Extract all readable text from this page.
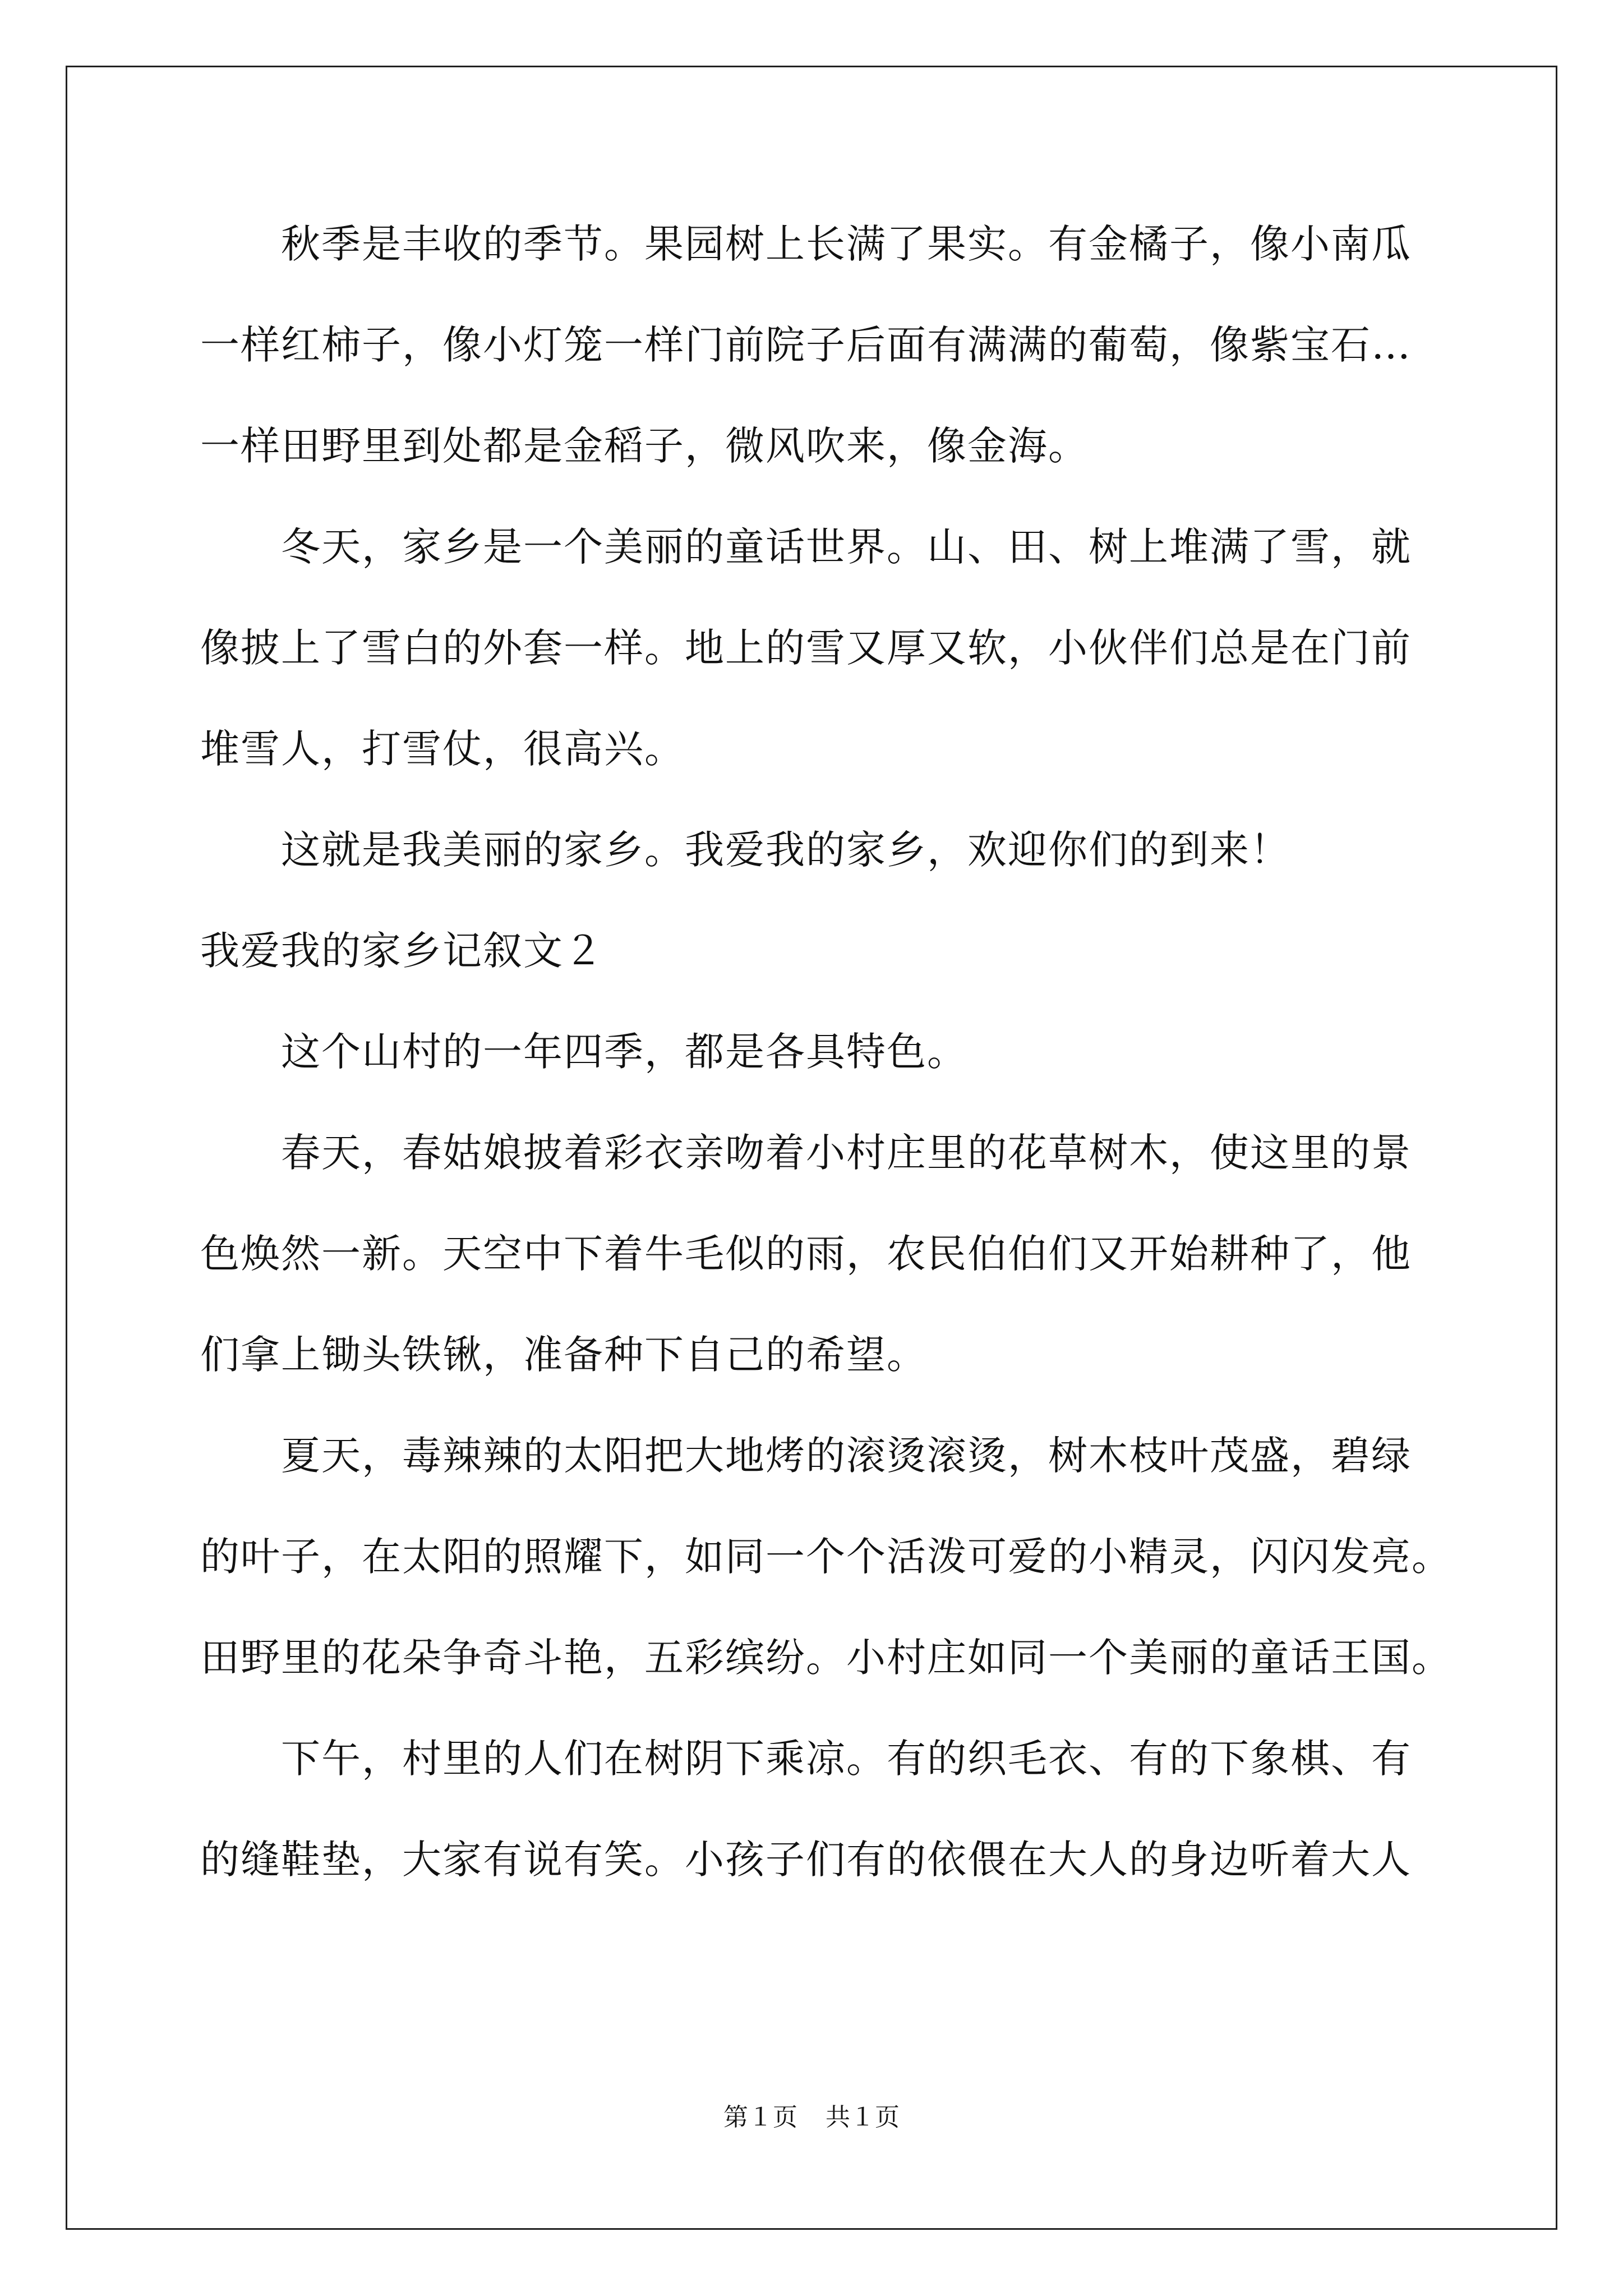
秋季是丰收的季节。果园树上长满了果实。有金橘子，像小南瓜
一样红柿子，像小灯笼一样门前院子后面有满满的葡萄，像紫宝石…
一样田野里到处都是金稻子，微风吹来，像金海。
冬天，家乡是一个美丽的童话世界。山、田、树上堆满了雪，就
像披上了雪白的外套一样。地上的雪又厚又软，小伙伴们总是在门前
堆雪人，打雪仗，很高兴。
这就是我美丽的家乡。我爱我的家乡，欢迎你们的到来！
我爱我的家乡记叙文２
这个山村的一年四季，都是各具特色。
春天，春姑娘披着彩衣亲吻着小村庄里的花草树木，使这里的景
色焕然一新。天空中下着牛毛似的雨，农民伯伯们又开始耕种了，他
们拿上锄头铁锹，准备种下自己的希望。
夏天，毒辣辣的太阳把大地烤的滚烫滚烫，树木枝叶茂盛，碧绿
的叶子，在太阳的照耀下，如同一个个活泼可爱的小精灵，闪闪发亮。
田野里的花朵争奇斗艳，五彩缤纷。小村庄如同一个美丽的童话王国。
下午，村里的人们在树阴下乘凉。有的织毛衣、有的下象棋、有
的缝鞋垫，大家有说有笑。小孩子们有的依偎在大人的身边听着大人
第１页 共１页
